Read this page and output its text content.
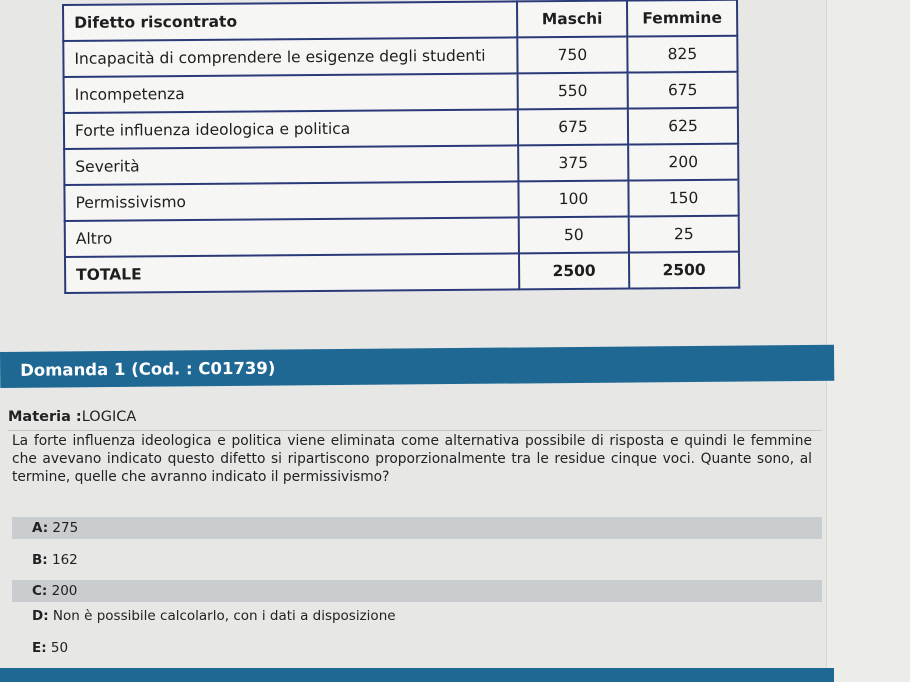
Difetto riscontrato	Maschi	Femmine
Incapacità di comprendere le esigenze degli studenti	750	825
Incompetenza	550	675
Forte influenza ideologica e politica	675	625
Severità	375	200
Permissivismo	100	150
Altro	50	25
TOTALE	2500	2500
Domanda 1 (Cod. : C01739)
Materia :LOGICA
La forte influenza ideologica e politica viene eliminata come alternativa possibile di risposta e quindi le femmine che avevano indicato questo difetto si ripartiscono proporzionalmente tra le residue cinque voci. Quante sono, al termine, quelle che avranno indicato il permissivismo?
A: 275
B: 162
C: 200
D: Non è possibile calcolarlo, con i dati a disposizione
E: 50
